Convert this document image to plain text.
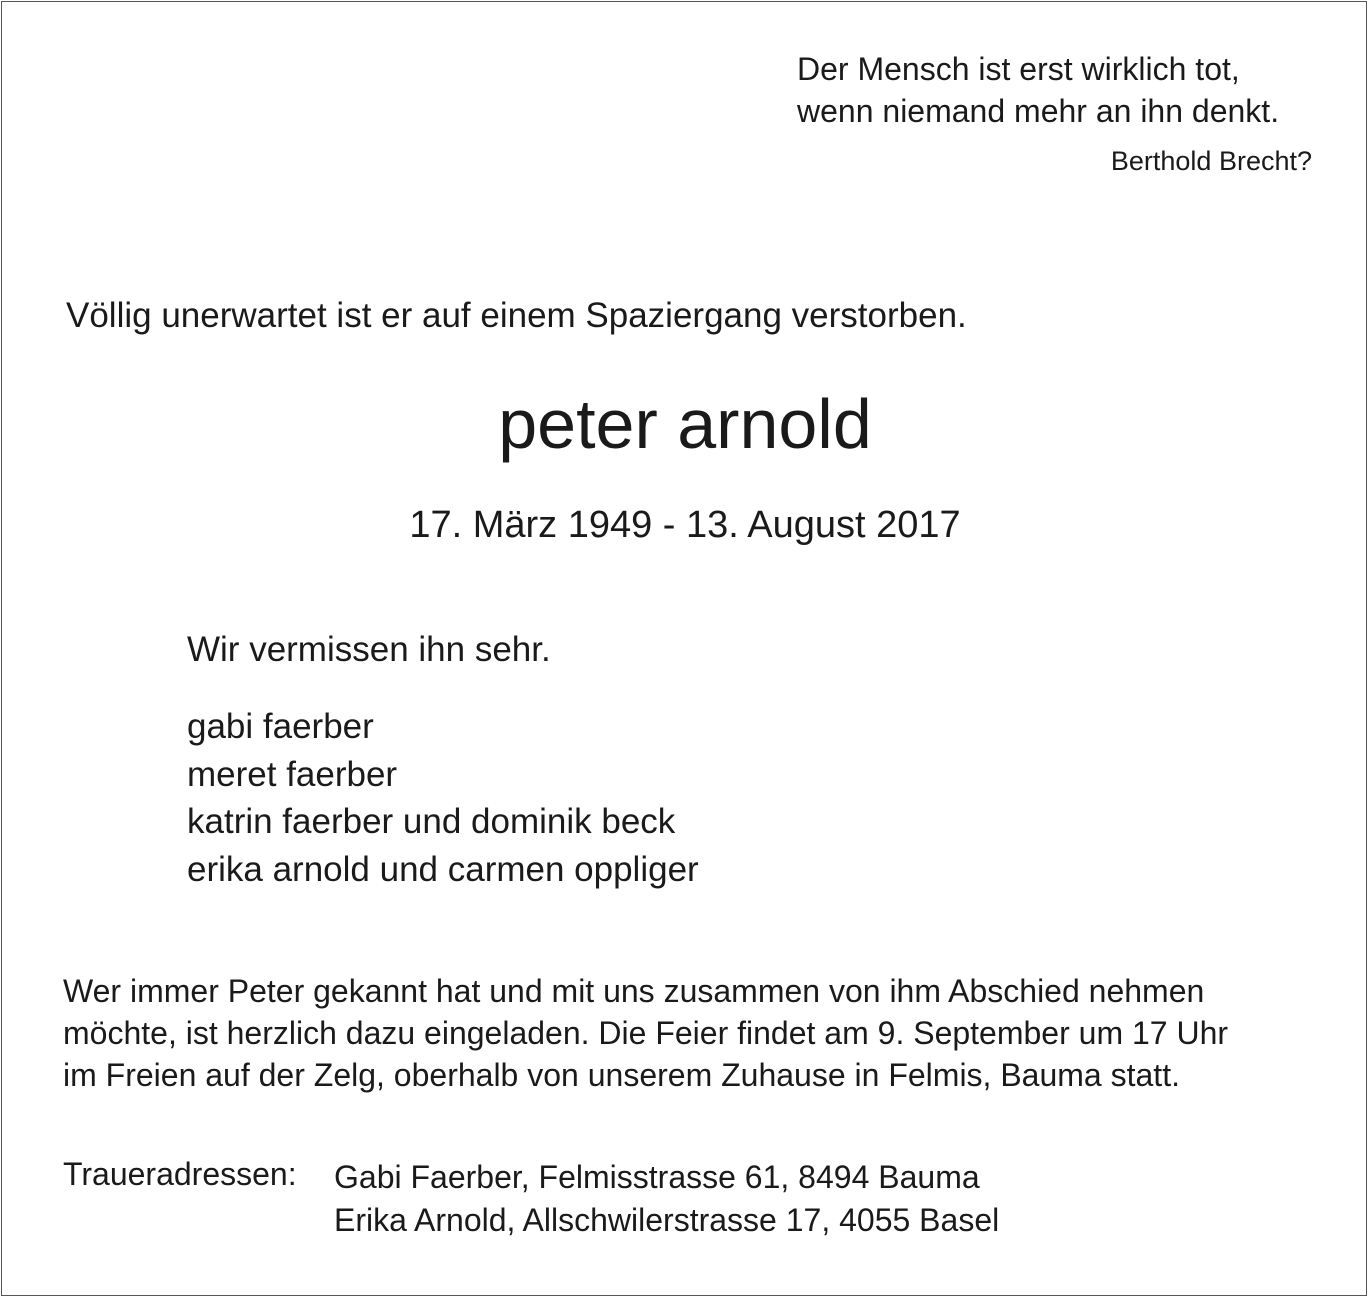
Der Mensch ist erst wirklich tot,
wenn niemand mehr an ihn denkt.
Berthold Brecht?
Völlig unerwartet ist er auf einem Spaziergang verstorben.
peter arnold
17. März 1949 - 13. August 2017
Wir vermissen ihn sehr.
gabi faerber
meret faerber
katrin faerber und dominik beck
erika arnold und carmen oppliger
Wer immer Peter gekannt hat und mit uns zusammen von ihm Abschied nehmen
möchte, ist herzlich dazu eingeladen. Die Feier findet am 9. September um 17 Uhr
im Freien auf der Zelg, oberhalb von unserem Zuhause in Felmis, Bauma statt.
Traueradressen: Gabi Faerber, Felmisstrasse 61, 8494 Bauma
Erika Arnold, Allschwilerstrasse 17, 4055 Basel
